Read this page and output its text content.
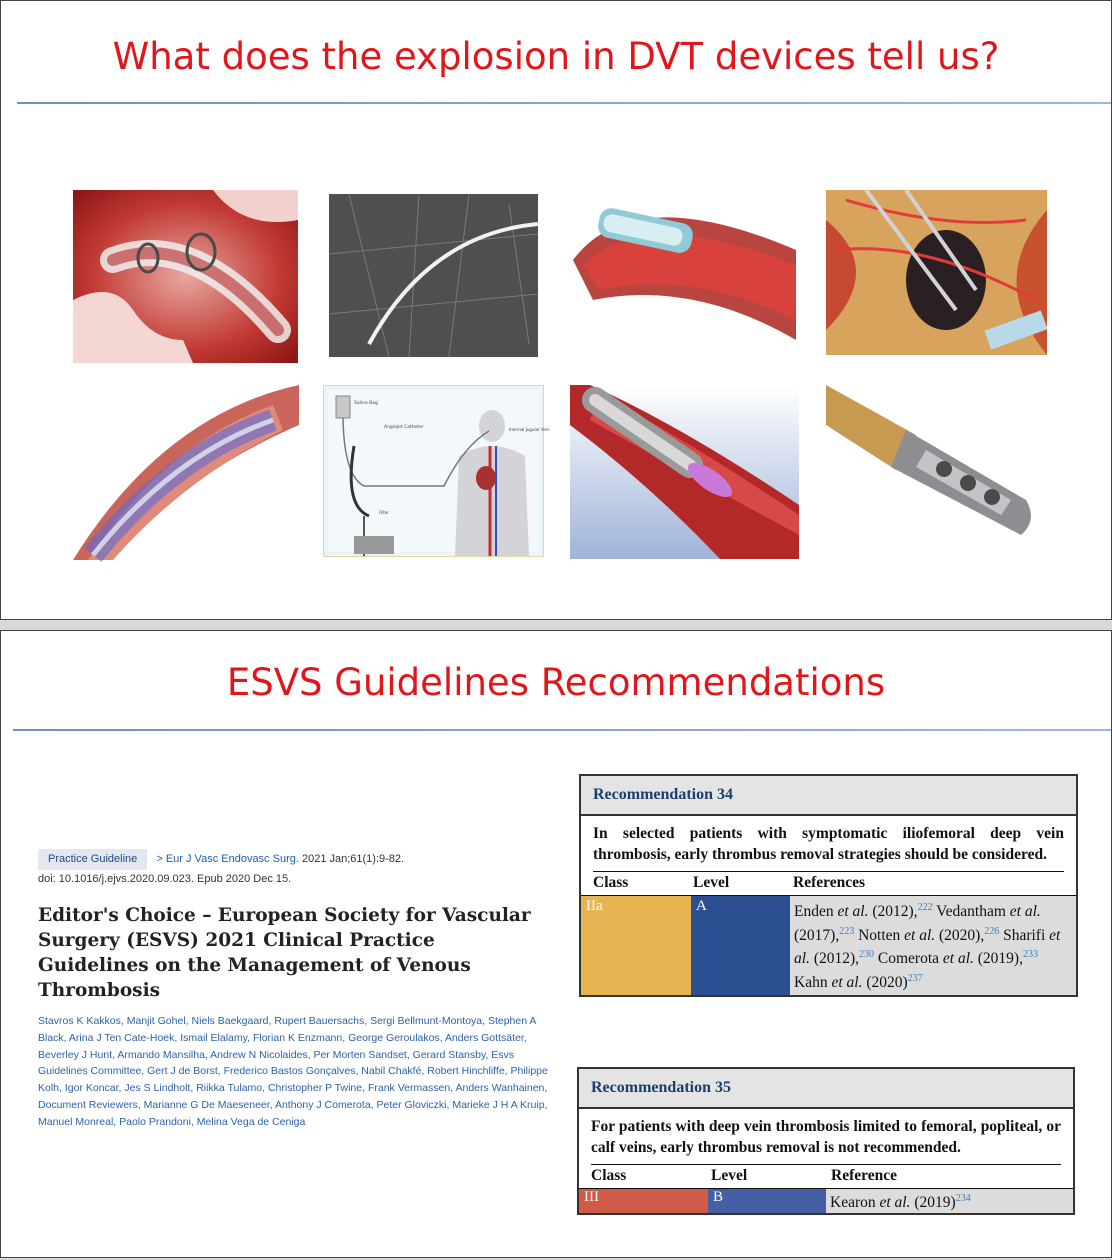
What does the explosion in DVT devices tell us?
Saline Bag
AngioJet Catheter	Internal Jugular Vein
Filter
ESVS Guidelines Recommendations
Practice Guideline > Eur J Vasc Endovasc Surg. 2021 Jan;61(1):9-82.
doi: 10.1016/j.ejvs.2020.09.023. Epub 2020 Dec 15.
Editor's Choice – European Society for Vascular Surgery (ESVS) 2021 Clinical Practice Guidelines on the Management of Venous Thrombosis
Stavros K Kakkos, Manjit Gohel, Niels Baekgaard, Rupert Bauersachs, Sergi Bellmunt-Montoya, Stephen A Black, Arina J Ten Cate-Hoek, Ismail Elalamy, Florian K Enzmann, George Geroulakos, Anders Gottsäter, Beverley J Hunt, Armando Mansilha, Andrew N Nicolaides, Per Morten Sandset, Gerard Stansby, Esvs Guidelines Committee, Gert J de Borst, Frederico Bastos Gonçalves, Nabil Chakfé, Robert Hinchliffe, Philippe Kolh, Igor Koncar, Jes S Lindholt, Riikka Tulamo, Christopher P Twine, Frank Vermassen, Anders Wanhainen, Document Reviewers, Marianne G De Maeseneer, Anthony J Comerota, Peter Gloviczki, Marieke J H A Kruip, Manuel Monreal, Paolo Prandoni, Melina Vega de Ceniga
Recommendation 34
In selected patients with symptomatic iliofemoral deep vein thrombosis, early thrombus removal strategies should be considered.
Class	Level	References
IIa	A	Enden et al. (2012),$^{222}$ Vedantham et al. (2017),$^{223}$ Notten et al. (2020),$^{226}$ Sharifi et al. (2012),$^{230}$ Comerota et al. (2019),$^{233}$ Kahn et al. $(2020)^{237}$
Recommendation 35
For patients with deep vein thrombosis limited to femoral, popliteal, or calf veins, early thrombus removal is not recommended.
Class	Level	Reference
III	B	Kearon et al. $(2019)^{234}$
